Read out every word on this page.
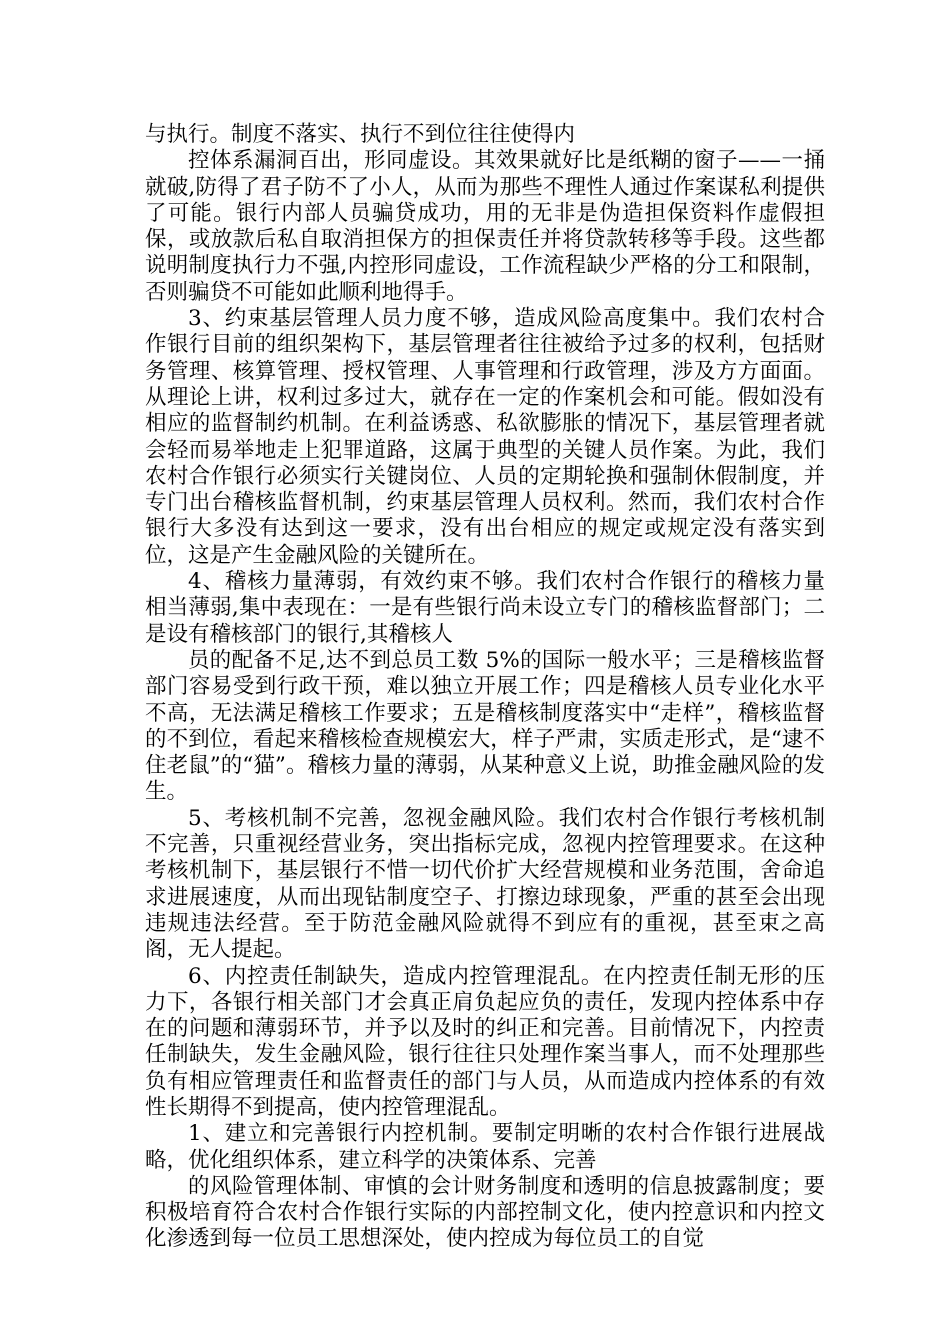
与执行。制度不落实、执行不到位往往使得内

控体系漏洞百出，形同虚设。其效果就好比是纸糊的窗子——一捅就破,防得了君子防不了小人，从而为那些不理性人通过作案谋私利提供了可能。银行内部人员骗贷成功，用的无非是伪造担保资料作虚假担保，或放款后私自取消担保方的担保责任并将贷款转移等手段。这些都说明制度执行力不强,内控形同虚设，工作流程缺少严格的分工和限制，否则骗贷不可能如此顺利地得手。

3、约束基层管理人员力度不够，造成风险高度集中。我们农村合作银行目前的组织架构下，基层管理者往往被给予过多的权利，包括财务管理、核算管理、授权管理、人事管理和行政管理，涉及方方面面。从理论上讲，权利过多过大，就存在一定的作案机会和可能。假如没有相应的监督制约机制。在利益诱惑、私欲膨胀的情况下，基层管理者就会轻而易举地走上犯罪道路，这属于典型的关键人员作案。为此，我们农村合作银行必须实行关键岗位、人员的定期轮换和强制休假制度，并专门出台稽核监督机制，约束基层管理人员权利。然而，我们农村合作银行大多没有达到这一要求，没有出台相应的规定或规定没有落实到位，这是产生金融风险的关键所在。

4、稽核力量薄弱，有效约束不够。我们农村合作银行的稽核力量相当薄弱,集中表现在：一是有些银行尚未设立专门的稽核监督部门；二是设有稽核部门的银行,其稽核人

员的配备不足,达不到总员工数 5%的国际一般水平；三是稽核监督部门容易受到行政干预，难以独立开展工作；四是稽核人员专业化水平不高，无法满足稽核工作要求；五是稽核制度落实中“走样”，稽核监督的不到位，看起来稽核检查规模宏大，样子严肃，实质走形式，是“逮不住老鼠”的“猫”。稽核力量的薄弱，从某种意义上说，助推金融风险的发生。

5、考核机制不完善，忽视金融风险。我们农村合作银行考核机制不完善，只重视经营业务，突出指标完成，忽视内控管理要求。在这种考核机制下，基层银行不惜一切代价扩大经营规模和业务范围，舍命追求进展速度，从而出现钻制度空子、打擦边球现象，严重的甚至会出现违规违法经营。至于防范金融风险就得不到应有的重视，甚至束之高阁，无人提起。

6、内控责任制缺失，造成内控管理混乱。在内控责任制无形的压力下，各银行相关部门才会真正肩负起应负的责任，发现内控体系中存在的问题和薄弱环节，并予以及时的纠正和完善。目前情况下，内控责任制缺失，发生金融风险，银行往往只处理作案当事人，而不处理那些负有相应管理责任和监督责任的部门与人员，从而造成内控体系的有效性长期得不到提高，使内控管理混乱。

1、建立和完善银行内控机制。要制定明晰的农村合作银行进展战略，优化组织体系，建立科学的决策体系、完善

的风险管理体制、审慎的会计财务制度和透明的信息披露制度；要积极培育符合农村合作银行实际的内部控制文化，使内控意识和内控文化渗透到每一位员工思想深处，使内控成为每位员工的自觉
